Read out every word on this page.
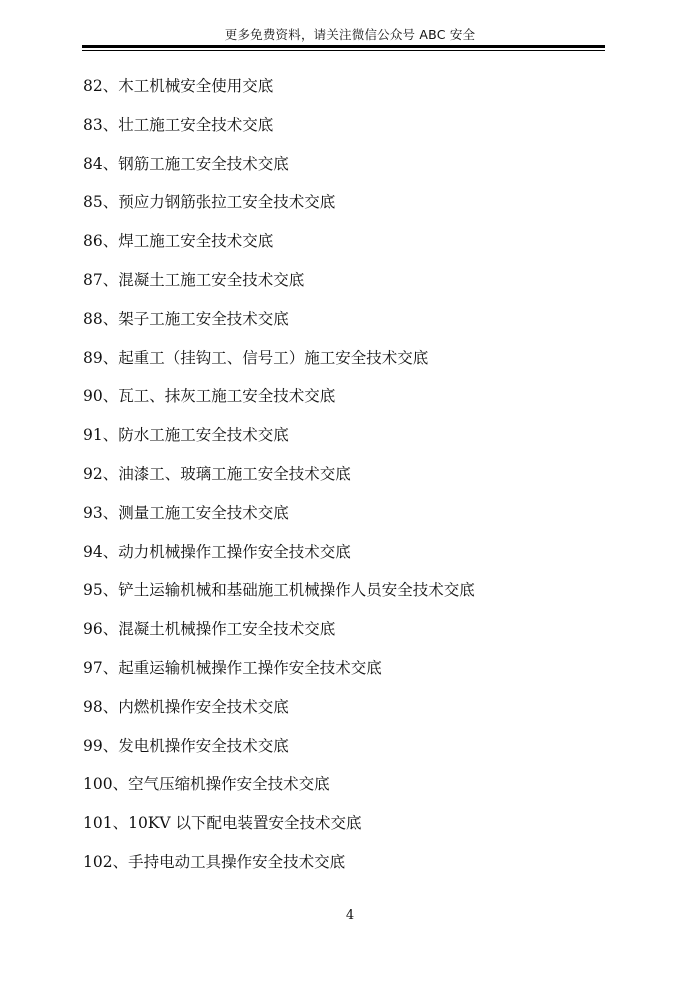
更多免费资料，请关注微信公众号 ABC 安全
82、木工机械安全使用交底
83、壮工施工安全技术交底
84、钢筋工施工安全技术交底
85、预应力钢筋张拉工安全技术交底
86、焊工施工安全技术交底
87、混凝土工施工安全技术交底
88、架子工施工安全技术交底
89、起重工（挂钩工、信号工）施工安全技术交底
90、瓦工、抹灰工施工安全技术交底
91、防水工施工安全技术交底
92、油漆工、玻璃工施工安全技术交底
93、测量工施工安全技术交底
94、动力机械操作工操作安全技术交底
95、铲土运输机械和基础施工机械操作人员安全技术交底
96、混凝土机械操作工安全技术交底
97、起重运输机械操作工操作安全技术交底
98、内燃机操作安全技术交底
99、发电机操作安全技术交底
100、空气压缩机操作安全技术交底
101、10KV 以下配电装置安全技术交底
102、手持电动工具操作安全技术交底
4
